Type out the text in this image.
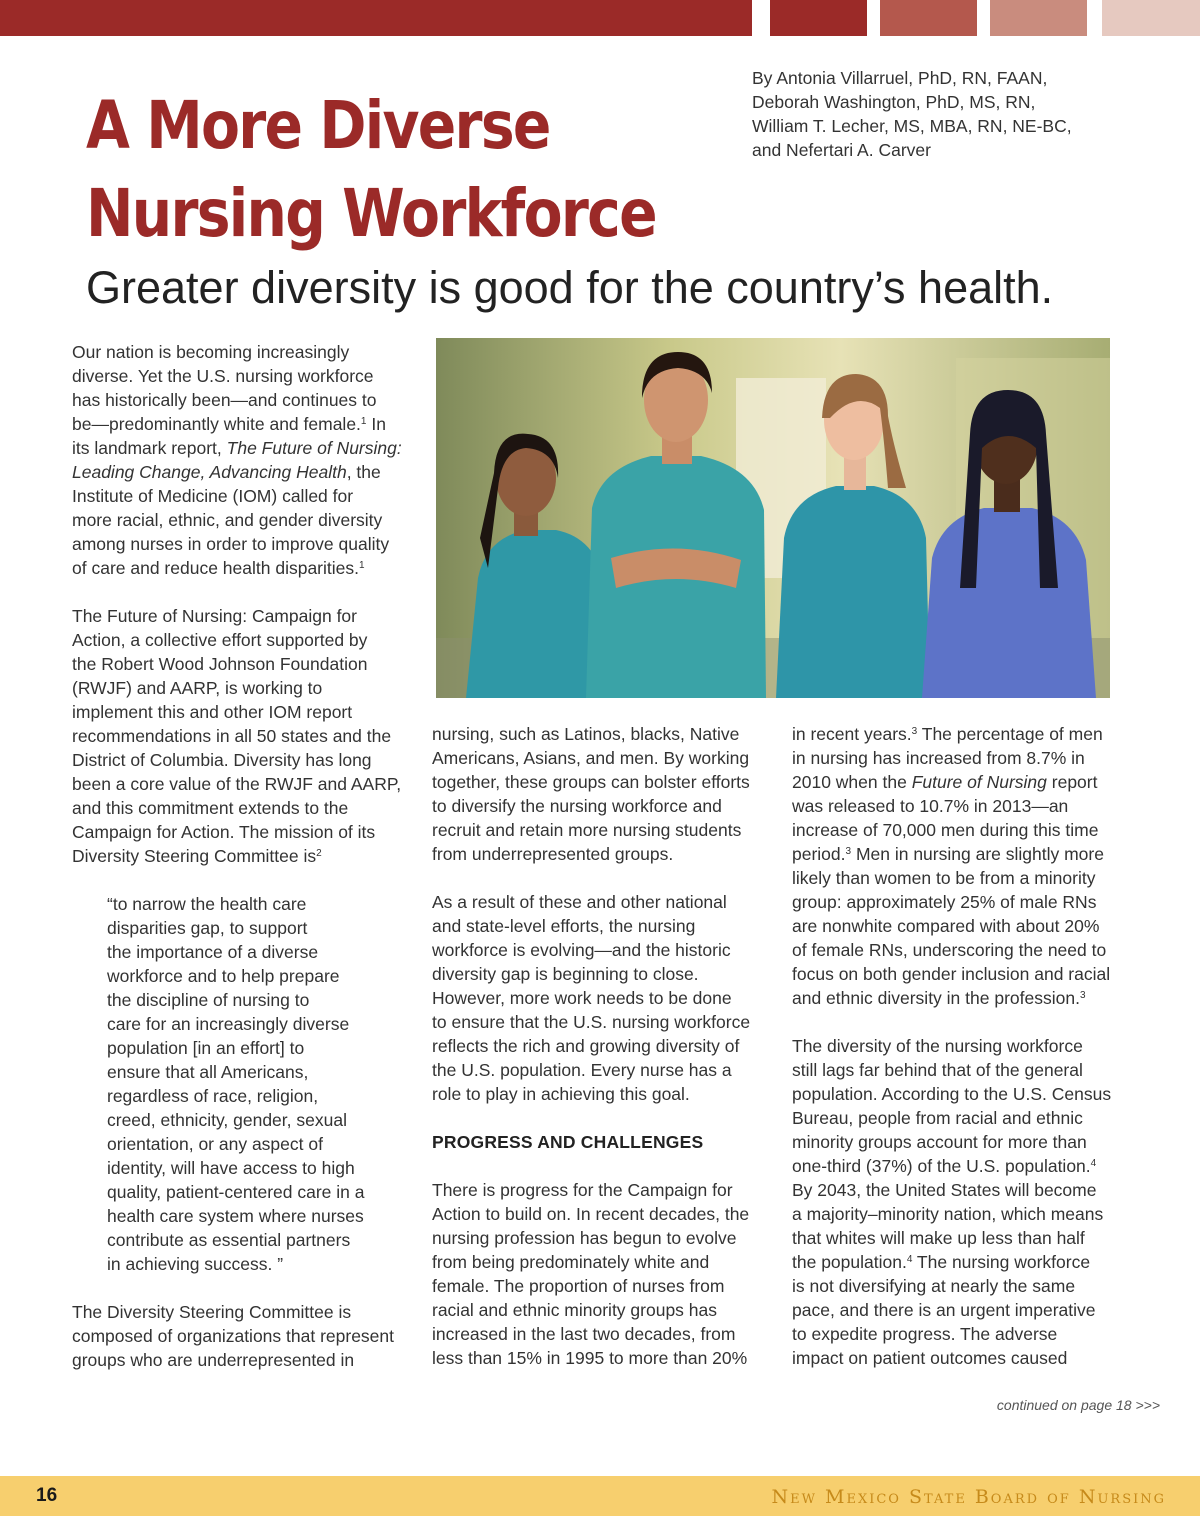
A More Diverse
Nursing Workforce
By Antonia Villarruel, PhD, RN, FAAN,
Deborah Washington, PhD, MS, RN,
William T. Lecher, MS, MBA, RN, NE-BC,
and Nefertari A. Carver
Greater diversity is good for the country’s health.

Our nation is becoming increasingly
diverse. Yet the U.S. nursing workforce
has historically been—and continues to
be—predominantly white and female.$^1$ In
its landmark report, The Future of Nursing:
Leading Change, Advancing Health, the
Institute of Medicine (IOM) called for
more racial, ethnic, and gender diversity
among nurses in order to improve quality
of care and reduce health disparities.$^1$

The Future of Nursing: Campaign for
Action, a collective effort supported by
the Robert Wood Johnson Foundation
(RWJF) and AARP, is working to
implement this and other IOM report
recommendations in all 50 states and the
District of Columbia. Diversity has long
been a core value of the RWJF and AARP,
and this commitment extends to the
Campaign for Action. The mission of its
Diversity Steering Committee $is^2$

“to narrow the health care
disparities gap, to support
the importance of a diverse
workforce and to help prepare
the discipline of nursing to
care for an increasingly diverse
population [in an effort] to
ensure that all Americans,
regardless of race, religion,
creed, ethnicity, gender, sexual
orientation, or any aspect of
identity, will have access to high
quality, patient-centered care in a
health care system where nurses
contribute as essential partners
in achieving success. ”

The Diversity Steering Committee is
composed of organizations that represent
groups who are underrepresented in

nursing, such as Latinos, blacks, Native
Americans, Asians, and men. By working
together, these groups can bolster efforts
to diversify the nursing workforce and
recruit and retain more nursing students
from underrepresented groups.

As a result of these and other national
and state-level efforts, the nursing
workforce is evolving—and the historic
diversity gap is beginning to close.
However, more work needs to be done
to ensure that the U.S. nursing workforce
reflects the rich and growing diversity of
the U.S. population. Every nurse has a
role to play in achieving this goal.

PROGRESS AND CHALLENGES

There is progress for the Campaign for
Action to build on. In recent decades, the
nursing profession has begun to evolve
from being predominately white and
female. The proportion of nurses from
racial and ethnic minority groups has
increased in the last two decades, from
less than 15% in 1995 to more than 20%

in recent years.$^3$ The percentage of men
in nursing has increased from 8.7% in
2010 when the Future of Nursing report
was released to 10.7% in 2013—an
increase of 70,000 men during this time
period.$^3$ Men in nursing are slightly more
likely than women to be from a minority
group: approximately 25% of male RNs
are nonwhite compared with about 20%
of female RNs, underscoring the need to
focus on both gender inclusion and racial
and ethnic diversity in the profession.$^3$

The diversity of the nursing workforce
still lags far behind that of the general
population. According to the U.S. Census
Bureau, people from racial and ethnic
minority groups account for more than
one-third (37%) of the U.S. population.$^4$
By 2043, the United States will become
a majority–minority nation, which means
that whites will make up less than half
the population.$^4$ The nursing workforce
is not diversifying at nearly the same
pace, and there is an urgent imperative
to expedite progress. The adverse
impact on patient outcomes caused

continued on page 18 >>>
16	New Mexico State Board of Nursing
